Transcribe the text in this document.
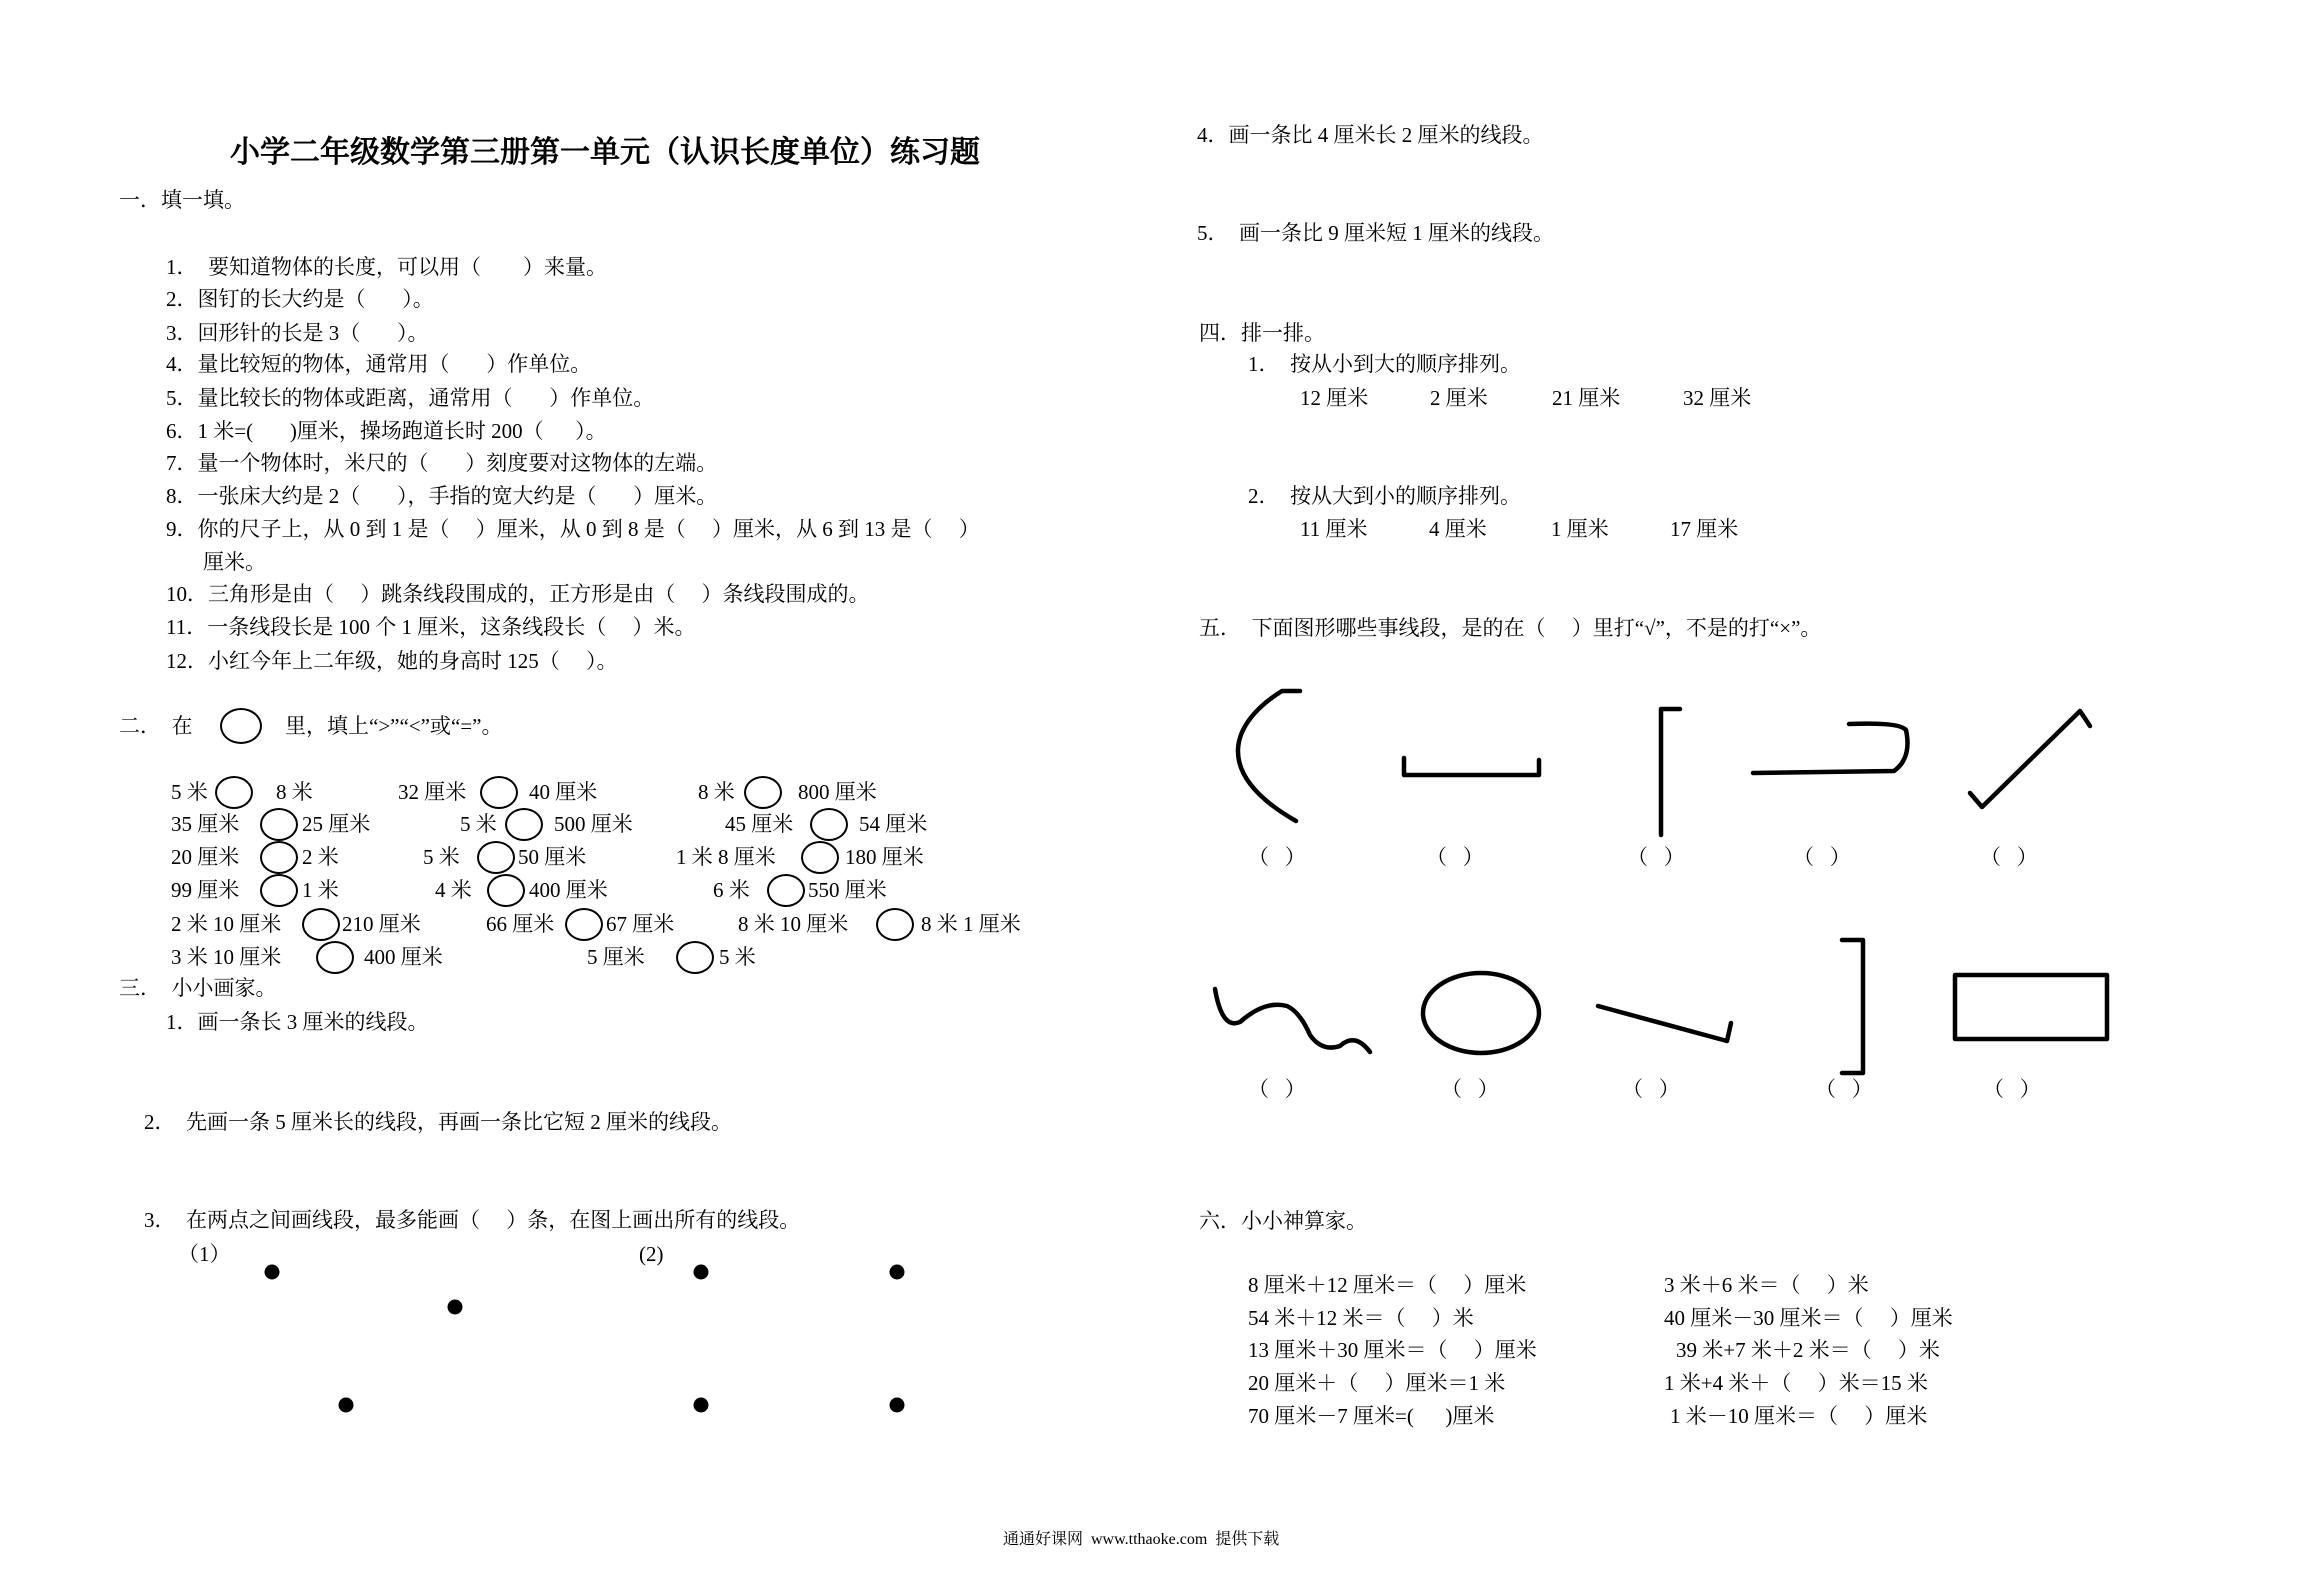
小学二年级数学第三册第一单元（认识长度单位）练习题
一．填一填。
1．  要知道物体的长度，可以用（        ）来量。
2．图钉的长大约是（       ）。
3．回形针的长是 3（       ）。
4．量比较短的物体，通常用（       ）作单位。
5．量比较长的物体或距离，通常用（       ）作单位。
6．1 米=(       )厘米，操场跑道长时 200（      ）。
7．量一个物体时，米尺的（       ）刻度要对这物体的左端。
8．一张床大约是 2（       ），手指的宽大约是（       ）厘米。
9．你的尺子上，从 0 到 1 是（     ）厘米，从 0 到 8 是（     ）厘米，从 6 到 13 是（     ）
厘米。
10．三角形是由（     ）跳条线段围成的，正方形是由（     ）条线段围成的。
11．一条线段长是 100 个 1 厘米，这条线段长（     ）米。
12．小红今年上二年级，她的身高时 125（     ）。
二．  在	里，填上“>”“<”或“=”。
5 米	8 米	32 厘米	40 厘米	8 米	800 厘米
35 厘米	25 厘米	5 米	500 厘米	45 厘米	54 厘米
20 厘米	2 米	5 米	50 厘米	1 米 8 厘米	180 厘米
99 厘米	1 米	4 米	400 厘米	6 米	550 厘米
2 米 10 厘米	210 厘米	66 厘米 67 厘米	8 米 10 厘米	8 米 1 厘米
3 米 10 厘米	400 厘米	5 厘米	5 米
三．  小小画家。
1．画一条长 3 厘米的线段。
2．  先画一条 5 厘米长的线段，再画一条比它短 2 厘米的线段。
3．  在两点之间画线段，最多能画（     ）条，在图上画出所有的线段。
（1）	(2)
4．画一条比 4 厘米长 2 厘米的线段。
5．  画一条比 9 厘米短 1 厘米的线段。
四．排一排。
1．  按从小到大的顺序排列。
12 厘米	2 厘米	21 厘米	32 厘米
2．  按从大到小的顺序排列。
11 厘米	4 厘米	1 厘米	17 厘米
五．  下面图形哪些事线段，是的在（     ）里打“√”，不是的打“×”。
（   ）	（   ）	（   ）	（   ）	（   ）
（   ）	（   ）	（   ）	（   ）	（   ）
六．小小神算家。
8 厘米＋12 厘米＝（     ）厘米
54 米＋12 米＝（     ）米
13 厘米＋30 厘米＝（     ）厘米
20 厘米＋（     ）厘米＝1 米
70 厘米－7 厘米=(      )厘米
3 米＋6 米＝（     ）米
40 厘米－30 厘米＝（     ）厘米
39 米+7 米＋2 米＝（     ）米
1 米+4 米＋（     ）米＝15 米
1 米－10 厘米＝（     ）厘米
通通好课网  www.tthaoke.com  提供下载
